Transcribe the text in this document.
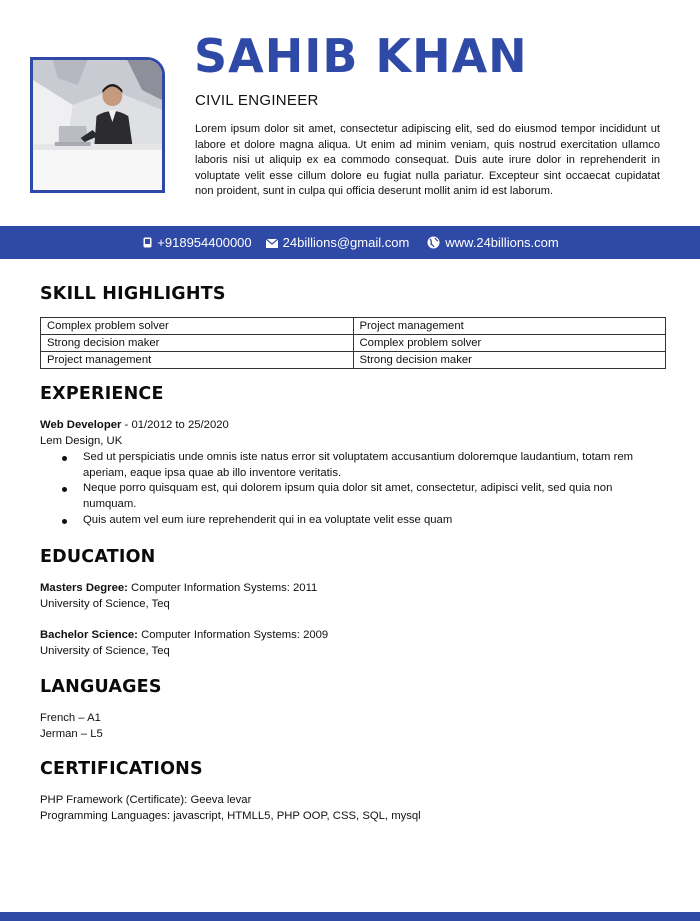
SAHIB KHAN
CIVIL ENGINEER

Lorem ipsum dolor sit amet, consectetur adipiscing elit, sed do eiusmod tempor incididunt ut labore et dolore magna aliqua. Ut enim ad minim veniam, quis nostrud exercitation ullamco laboris nisi ut aliquip ex ea commodo consequat. Duis aute irure dolor in reprehenderit in voluptate velit esse cillum dolore eu fugiat nulla pariatur. Excepteur sint occaecat cupidatat non proident, sunt in culpa qui officia deserunt mollit anim id est laborum.

+918954400000 24billions@gmail.com	www.24billions.com
SKILL HIGHLIGHTS
Complex problem solver	Project management
Strong decision maker	Complex problem solver
Project management	Strong decision maker
EXPERIENCE
Web Developer - 01/2012 to 25/2020
Lem Design, UK
Sed ut perspiciatis unde omnis iste natus error sit voluptatem accusantium doloremque laudantium, totam rem aperiam, eaque ipsa quae ab illo inventore veritatis.
Neque porro quisquam est, qui dolorem ipsum quia dolor sit amet, consectetur, adipisci velit, sed quia non numquam.
Quis autem vel eum iure reprehenderit qui in ea voluptate velit esse quam
EDUCATION
Masters Degree: Computer Information Systems: 2011
University of Science, Teq
Bachelor Science: Computer Information Systems: 2009
University of Science, Teq
LANGUAGES
French – A1
Jerman – L5
CERTIFICATIONS
PHP Framework (Certificate): Geeva levar
Programming Languages: javascript, HTMLL5, PHP OOP, CSS, SQL, mysql
